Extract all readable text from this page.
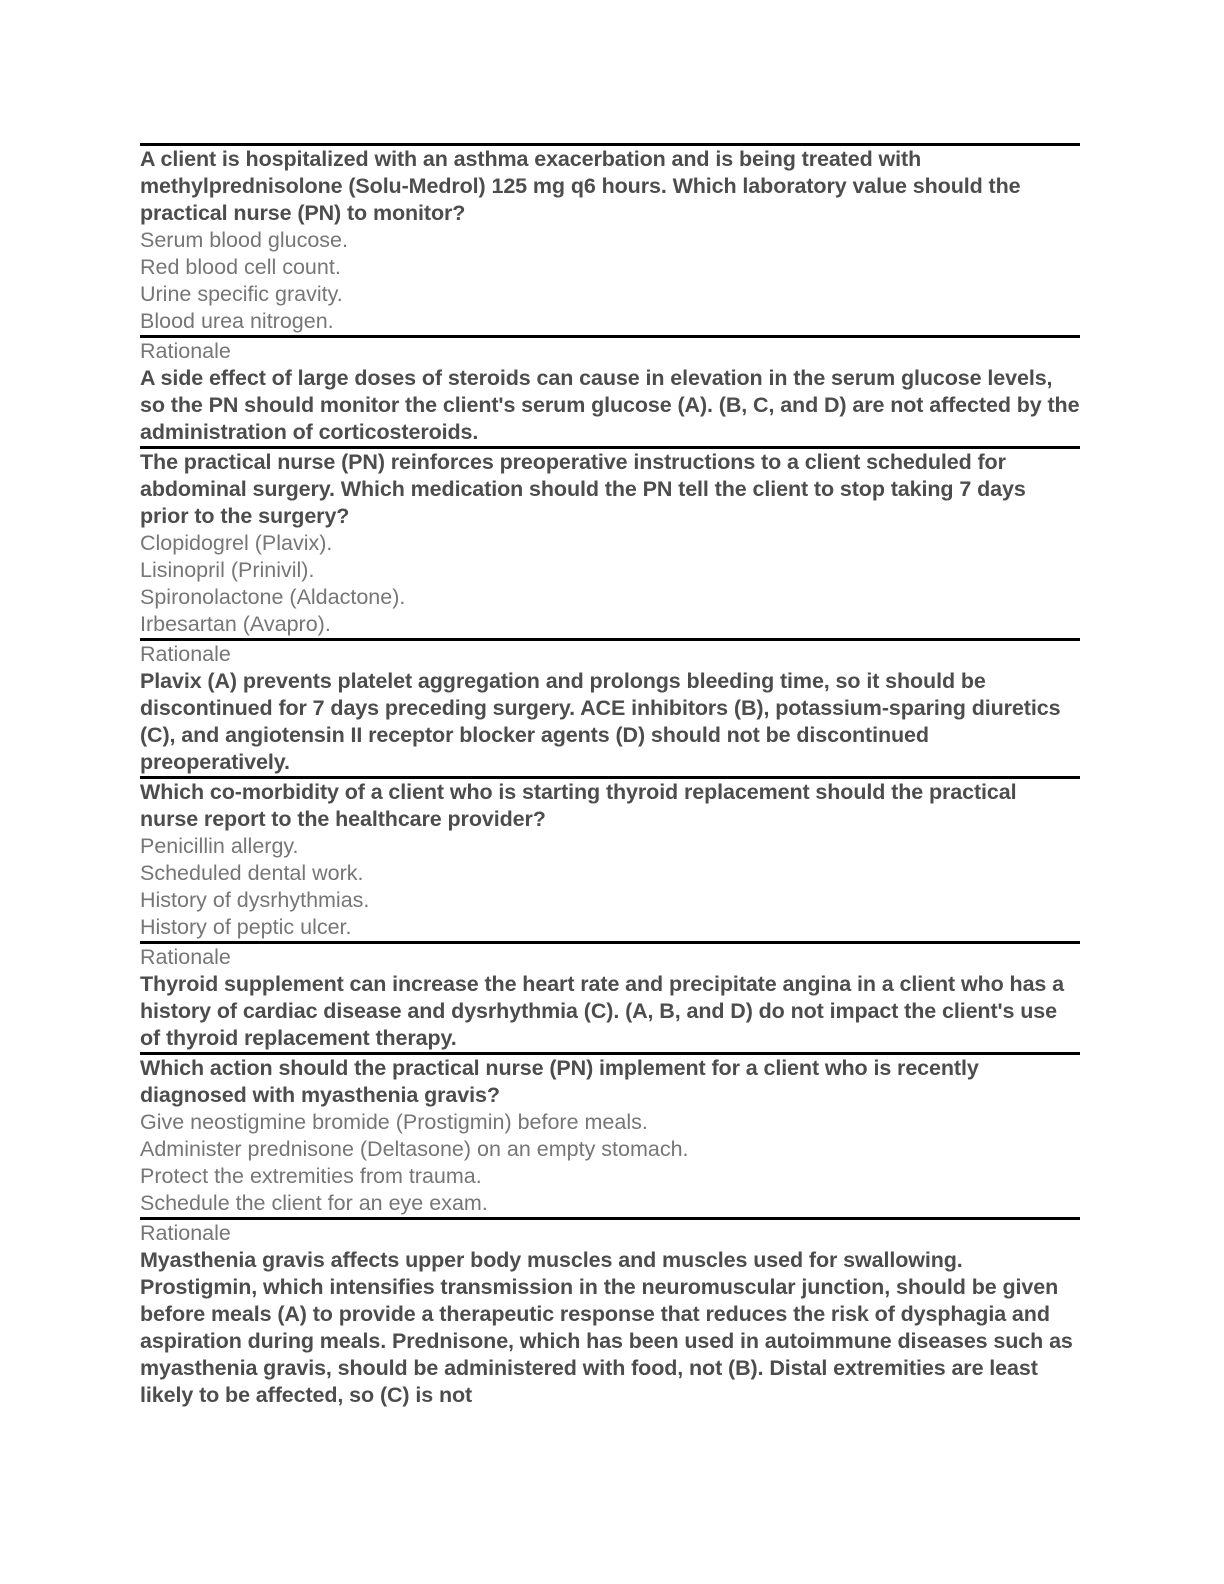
A client is hospitalized with an asthma exacerbation and is being treated with methylprednisolone (Solu-Medrol) 125 mg q6 hours. Which laboratory value should the practical nurse (PN) to monitor?
Serum blood glucose.
Red blood cell count.
Urine specific gravity.
Blood urea nitrogen.
Rationale
A side effect of large doses of steroids can cause in elevation in the serum glucose levels, so the PN should monitor the client's serum glucose (A). (B, C, and D) are not affected by the administration of corticosteroids.
The practical nurse (PN) reinforces preoperative instructions to a client scheduled for abdominal surgery. Which medication should the PN tell the client to stop taking 7 days prior to the surgery?
Clopidogrel (Plavix).
Lisinopril (Prinivil).
Spironolactone (Aldactone).
Irbesartan (Avapro).
Rationale
Plavix (A) prevents platelet aggregation and prolongs bleeding time, so it should be discontinued for 7 days preceding surgery. ACE inhibitors (B), potassium-sparing diuretics (C), and angiotensin II receptor blocker agents (D) should not be discontinued preoperatively.
Which co-morbidity of a client who is starting thyroid replacement should the practical nurse report to the healthcare provider?
Penicillin allergy.
Scheduled dental work.
History of dysrhythmias.
History of peptic ulcer.
Rationale
Thyroid supplement can increase the heart rate and precipitate angina in a client who has a history of cardiac disease and dysrhythmia (C). (A, B, and D) do not impact the client's use of thyroid replacement therapy.
Which action should the practical nurse (PN) implement for a client who is recently diagnosed with myasthenia gravis?
Give neostigmine bromide (Prostigmin) before meals.
Administer prednisone (Deltasone) on an empty stomach.
Protect the extremities from trauma.
Schedule the client for an eye exam.
Rationale
Myasthenia gravis affects upper body muscles and muscles used for swallowing. Prostigmin, which intensifies transmission in the neuromuscular junction, should be given before meals (A) to provide a therapeutic response that reduces the risk of dysphagia and aspiration during meals. Prednisone, which has been used in autoimmune diseases such as myasthenia gravis, should be administered with food, not (B). Distal extremities are least likely to be affected, so (C) is not
